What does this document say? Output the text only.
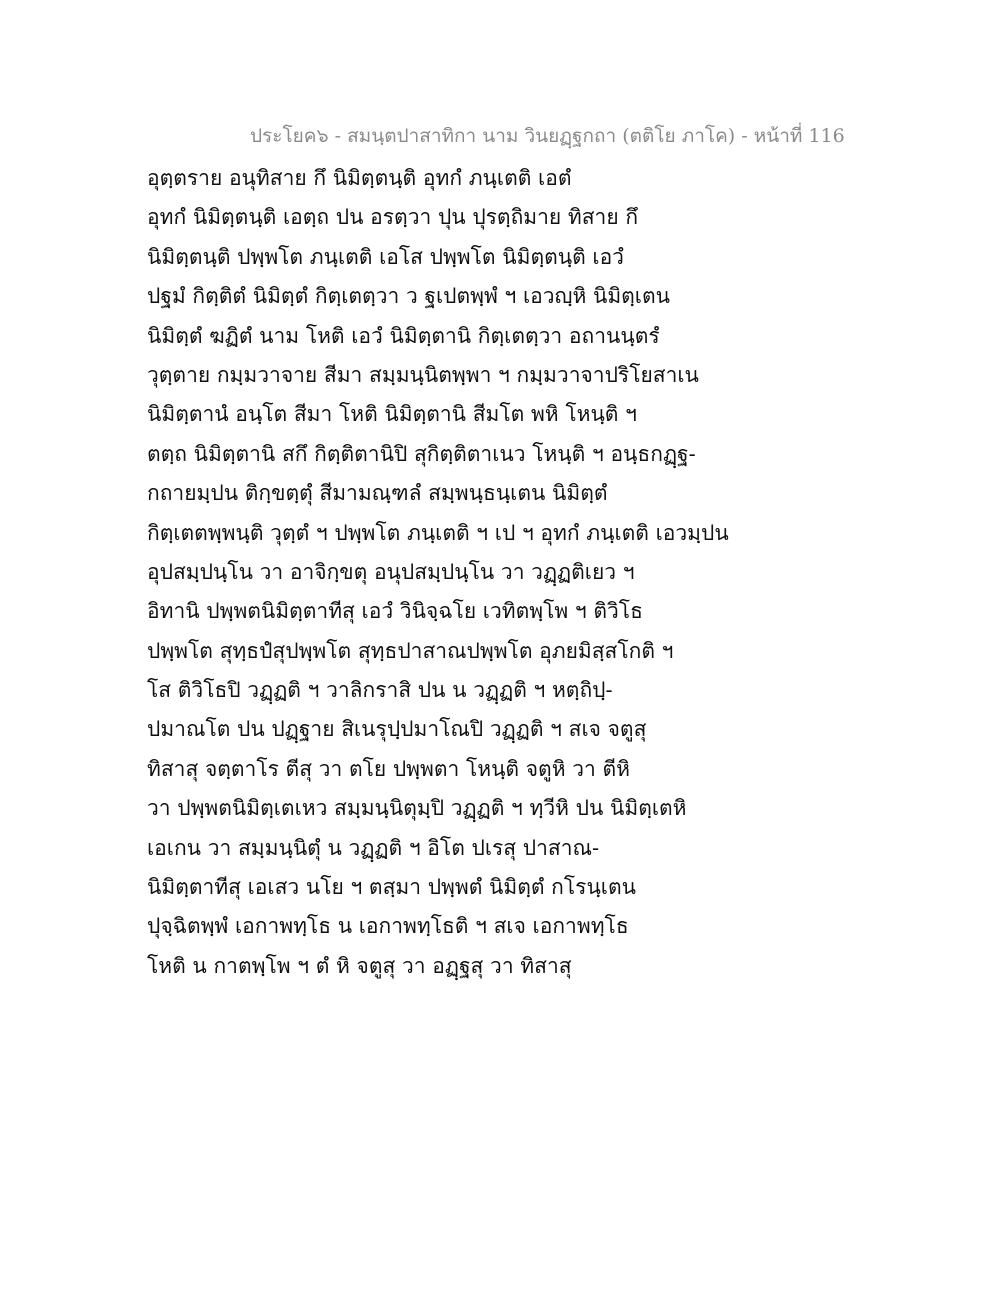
ประโยค๖ - สมนฺตปาสาทิกา นาม วินยฏฺฐกถา (ตติโย ภาโค) - หน้าที่ 116
อุตฺตราย อนุทิสาย กึ นิมิตฺตนฺติ อุทกํ ภนฺเตติ เอตํ
อุทกํ นิมิตฺตนฺติ เอตฺถ ปน อรตฺวา ปุน ปุรตฺถิมาย ทิสาย กึ
นิมิตฺตนฺติ ปพฺพโต ภนฺเตติ เอโส ปพฺพโต นิมิตฺตนฺติ เอวํ
ปฐมํ กิตฺติตํ นิมิตฺตํ กิตฺเตตฺวา ว ฐเปตพฺพํ ฯ เอวญฺหิ นิมิตฺเตน
นิมิตฺตํ ฆฏิตํ นาม โหติ เอวํ นิมิตฺตานิ กิตฺเตตฺวา อถานนฺตรํ
วุตฺตาย กมฺมวาจาย สีมา สมฺมนฺนิตพฺพา ฯ กมฺมวาจาปริโยสาเน
นิมิตฺตานํ อนฺโต สีมา โหติ นิมิตฺตานิ สีมโต พหิ โหนฺติ ฯ
ตตฺถ นิมิตฺตานิ สกึ กิตฺติตานิปิ สุกิตฺติตาเนว โหนฺติ ฯ อนฺธกฏฺฐ-
กถายมฺปน ติกฺขตฺตุํ สีมามณฺฑลํ สมฺพนฺธนฺเตน นิมิตฺตํ
กิตฺเตตพฺพนฺติ วุตฺตํ ฯ ปพฺพโต ภนฺเตติ ฯ เป ฯ อุทกํ ภนฺเตติ เอวมฺปน
อุปสมฺปนฺโน วา อาจิกฺขตุ อนุปสมฺปนฺโน วา วฏฺฏติเยว ฯ
อิทานิ ปพฺพตนิมิตฺตาทีสุ เอวํ วินิจฺฉโย เวทิตพฺโพ ฯ ติวิโธ
ปพฺพโต สุทฺธปํสุปพฺพโต สุทฺธปาสาณปพฺพโต อุภยมิสฺสโกติ ฯ
โส ติวิโธปิ วฏฺฏติ ฯ วาลิกราสิ ปน น วฏฺฏติ ฯ หตฺถิปฺ-
ปมาณโต ปน ปฏฺฐาย สิเนรุปฺปมาโณปิ วฏฺฏติ ฯ สเจ จตูสุ
ทิสาสุ จตฺตาโร ตีสุ วา ตโย ปพฺพตา โหนฺติ จตูหิ วา ตีหิ
วา ปพฺพตนิมิตฺเตเหว สมฺมนฺนิตุมฺปิ วฏฺฏติ ฯ ทฺวีหิ ปน นิมิตฺเตหิ
เอเกน วา สมฺมนฺนิตุํ น วฏฺฏติ ฯ อิโต ปเรสุ ปาสาณ-
นิมิตฺตาทีสุ เอเสว นโย ฯ ตสฺมา ปพฺพตํ นิมิตฺตํ กโรนฺเตน
ปุจฺฉิตพฺพํ เอกาพทฺโธ น เอกาพทฺโธติ ฯ สเจ เอกาพทฺโธ
โหติ น กาตพฺโพ ฯ ตํ หิ จตูสุ วา อฏฺฐสุ วา ทิสาสุ
